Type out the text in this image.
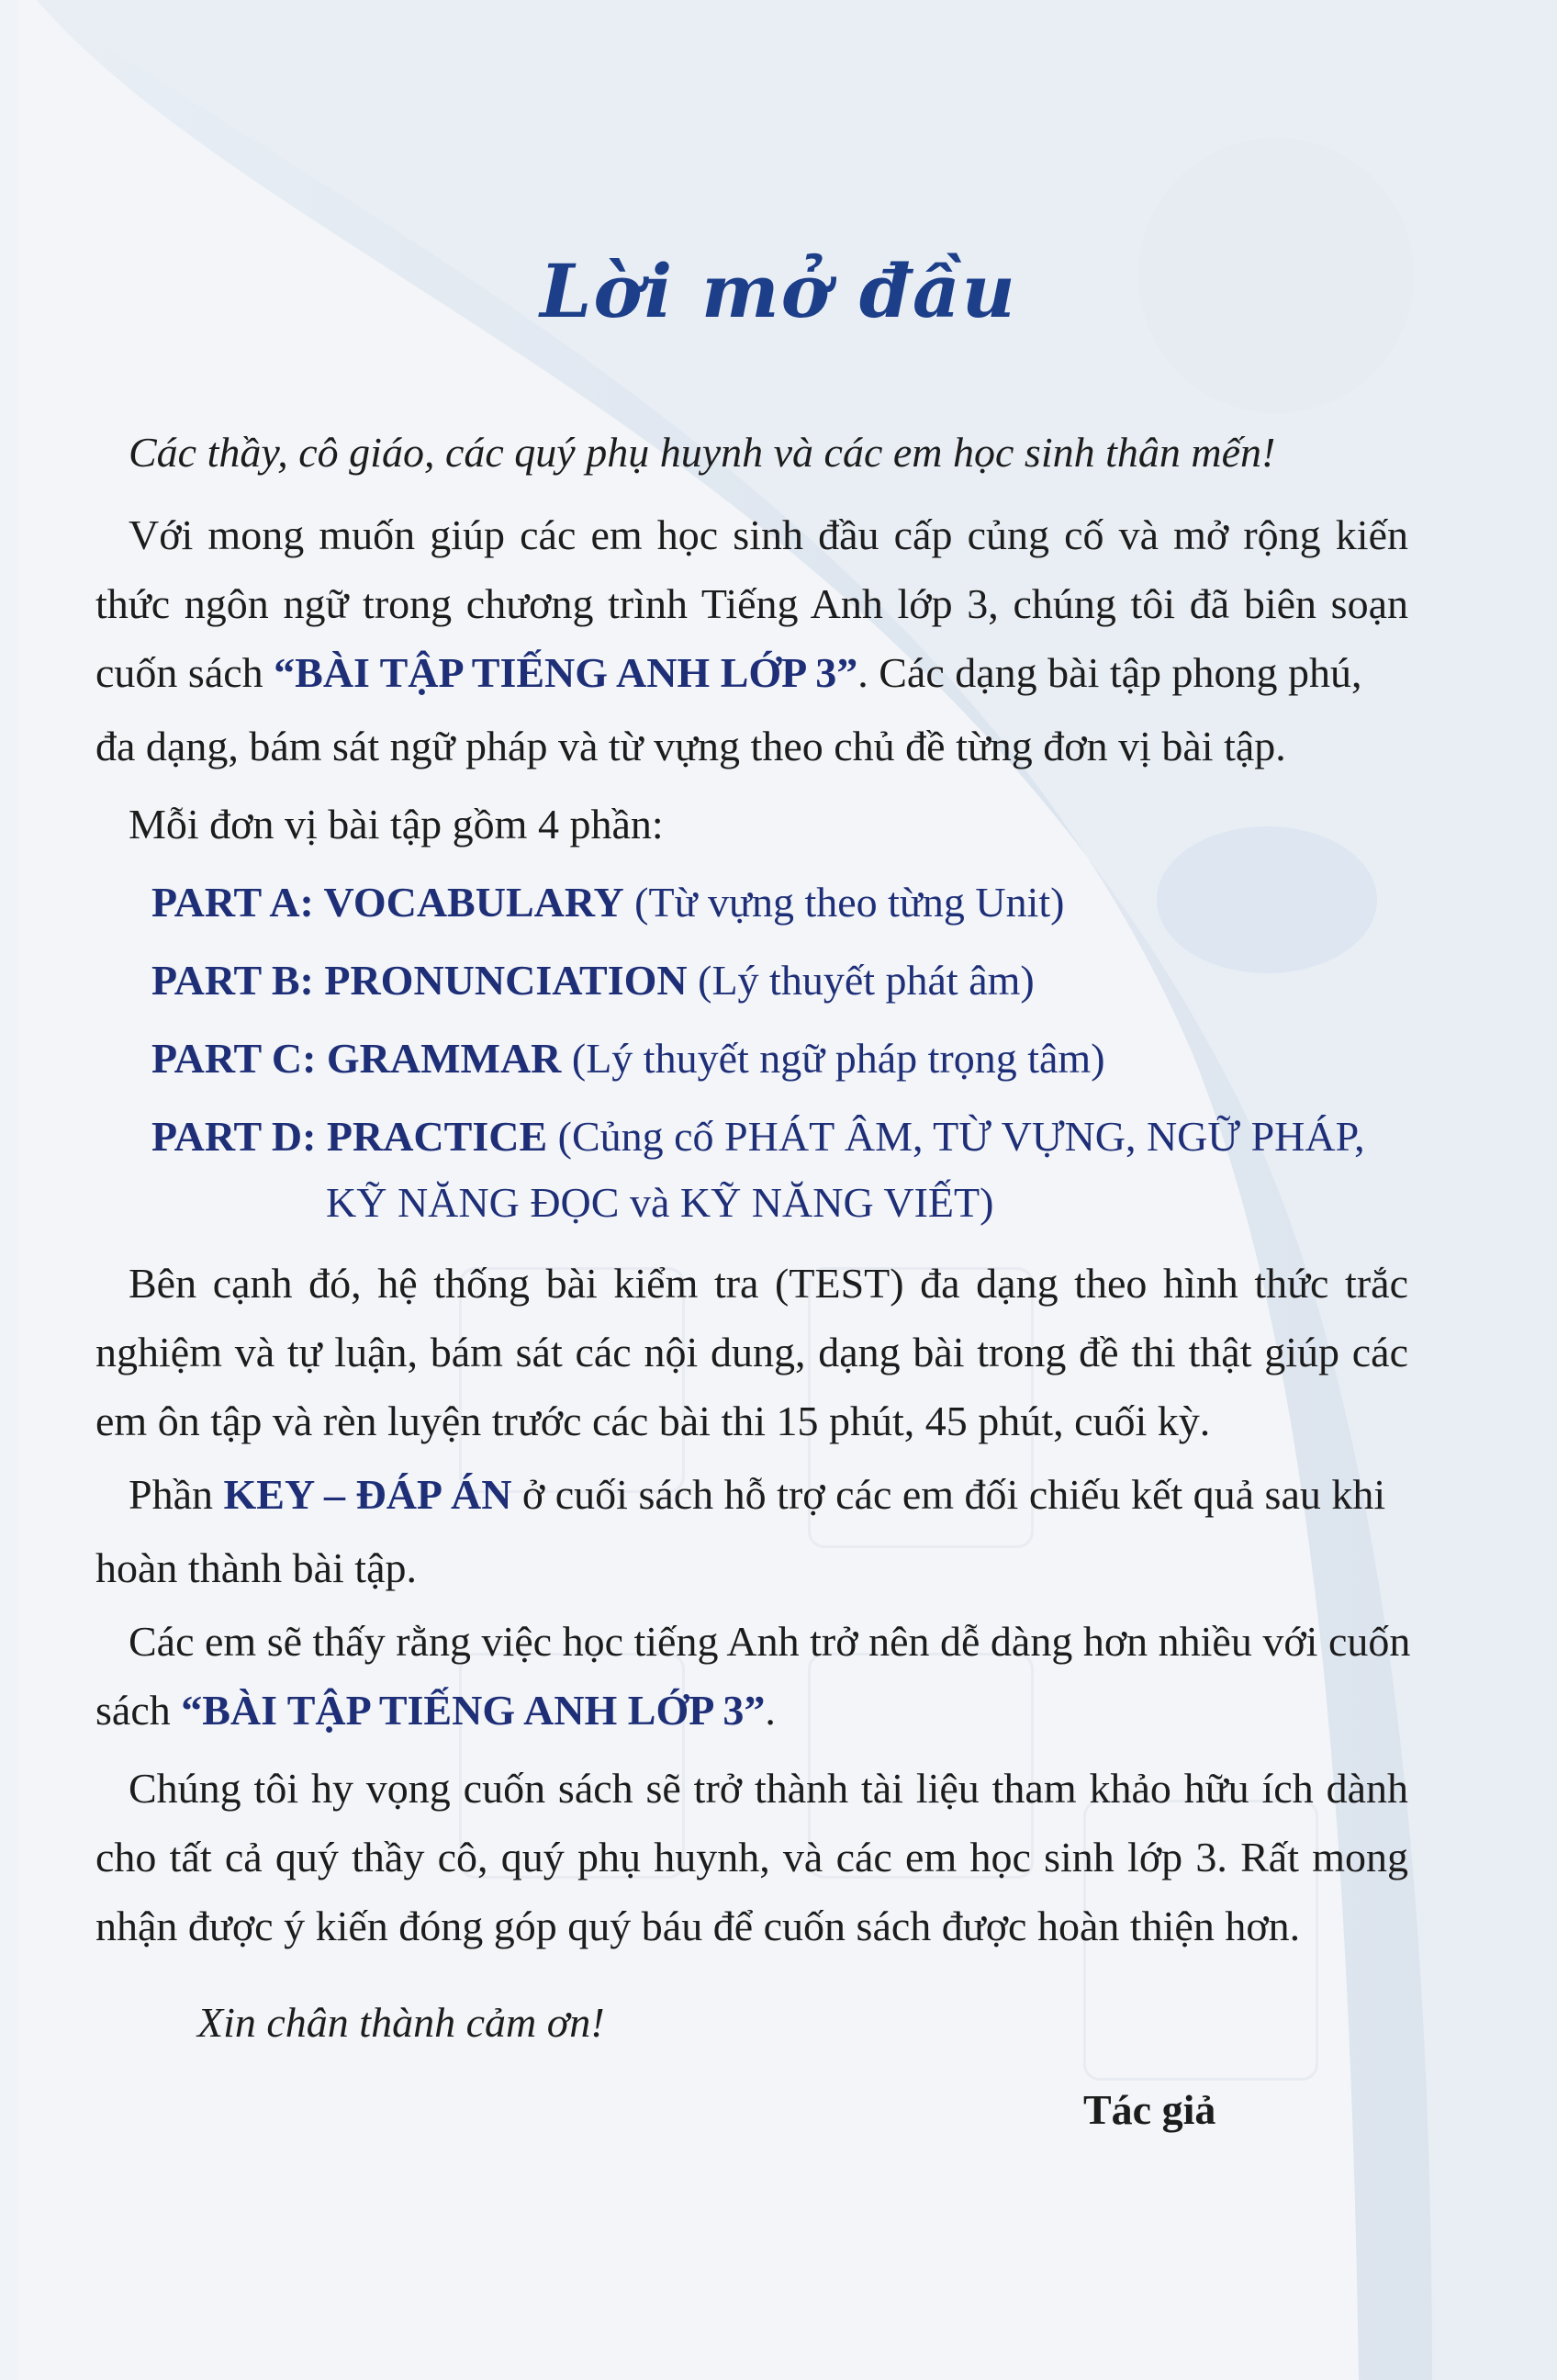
Lời mở đầu
Các thầy, cô giáo, các quý phụ huynh và các em học sinh thân mến!
Với mong muốn giúp các em học sinh đầu cấp củng cố và mở rộng kiến
thức ngôn ngữ trong chương trình Tiếng Anh lớp 3, chúng tôi đã biên soạn
cuốn sách “BÀI TẬP TIẾNG ANH LỚP 3”. Các dạng bài tập phong phú,
đa dạng, bám sát ngữ pháp và từ vựng theo chủ đề từng đơn vị bài tập.
Mỗi đơn vị bài tập gồm 4 phần:
PART A: VOCABULARY (Từ vựng theo từng Unit)
PART B: PRONUNCIATION (Lý thuyết phát âm)
PART C: GRAMMAR (Lý thuyết ngữ pháp trọng tâm)
PART D: PRACTICE (Củng cố PHÁT ÂM, TỪ VỰNG, NGỮ PHÁP,
KỸ NĂNG ĐỌC và KỸ NĂNG VIẾT)
Bên cạnh đó, hệ thống bài kiểm tra (TEST) đa dạng theo hình thức trắc
nghiệm và tự luận, bám sát các nội dung, dạng bài trong đề thi thật giúp các
em ôn tập và rèn luyện trước các bài thi 15 phút, 45 phút, cuối kỳ.
Phần KEY – ĐÁP ÁN ở cuối sách hỗ trợ các em đối chiếu kết quả sau khi
hoàn thành bài tập.
Các em sẽ thấy rằng việc học tiếng Anh trở nên dễ dàng hơn nhiều với cuốn
sách “BÀI TẬP TIẾNG ANH LỚP 3”.
Chúng tôi hy vọng cuốn sách sẽ trở thành tài liệu tham khảo hữu ích dành
cho tất cả quý thầy cô, quý phụ huynh, và các em học sinh lớp 3. Rất mong
nhận được ý kiến đóng góp quý báu để cuốn sách được hoàn thiện hơn.
Xin chân thành cảm ơn!
Tác giả
